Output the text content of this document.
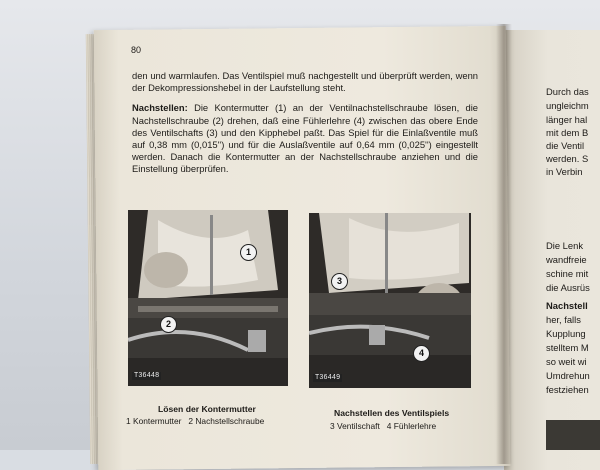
80

den und warmlaufen. Das Ventilspiel muß nachgestellt und überprüft werden, wenn der Dekompressionshebel in der Laufstellung steht.

Nachstellen: Die Kontermutter (1) an der Ventilnachstellschraube lösen, die Nachstellschraube (2) drehen, daß eine Fühlerlehre (4) zwischen das obere Ende des Ventilschafts (3) und den Kipphebel paßt. Das Spiel für die Einlaßventile muß auf 0,38 mm (0,015'') und für die Auslaßventile auf 0,64 mm (0,025'') eingestellt werden. Danach die Kontermutter an der Nachstellschraube anziehen und die Einstellung überprüfen.

1
2
T36448
3
4
T36449
Lösen der Kontermutter
1 Kontermutter   2 Nachstellschraube
Nachstellen des Ventilspiels
3 Ventilschaft   4 Fühlerlehre
Durch das
ungleichm
länger hal
mit dem B
die Ventil
werden. S
in Verbin
Die Lenk
wandfreie
schine mit
die Ausrüs
Nachstell
her, falls
Kupplung
stelltem M
so weit wi
Umdrehun
festziehen
